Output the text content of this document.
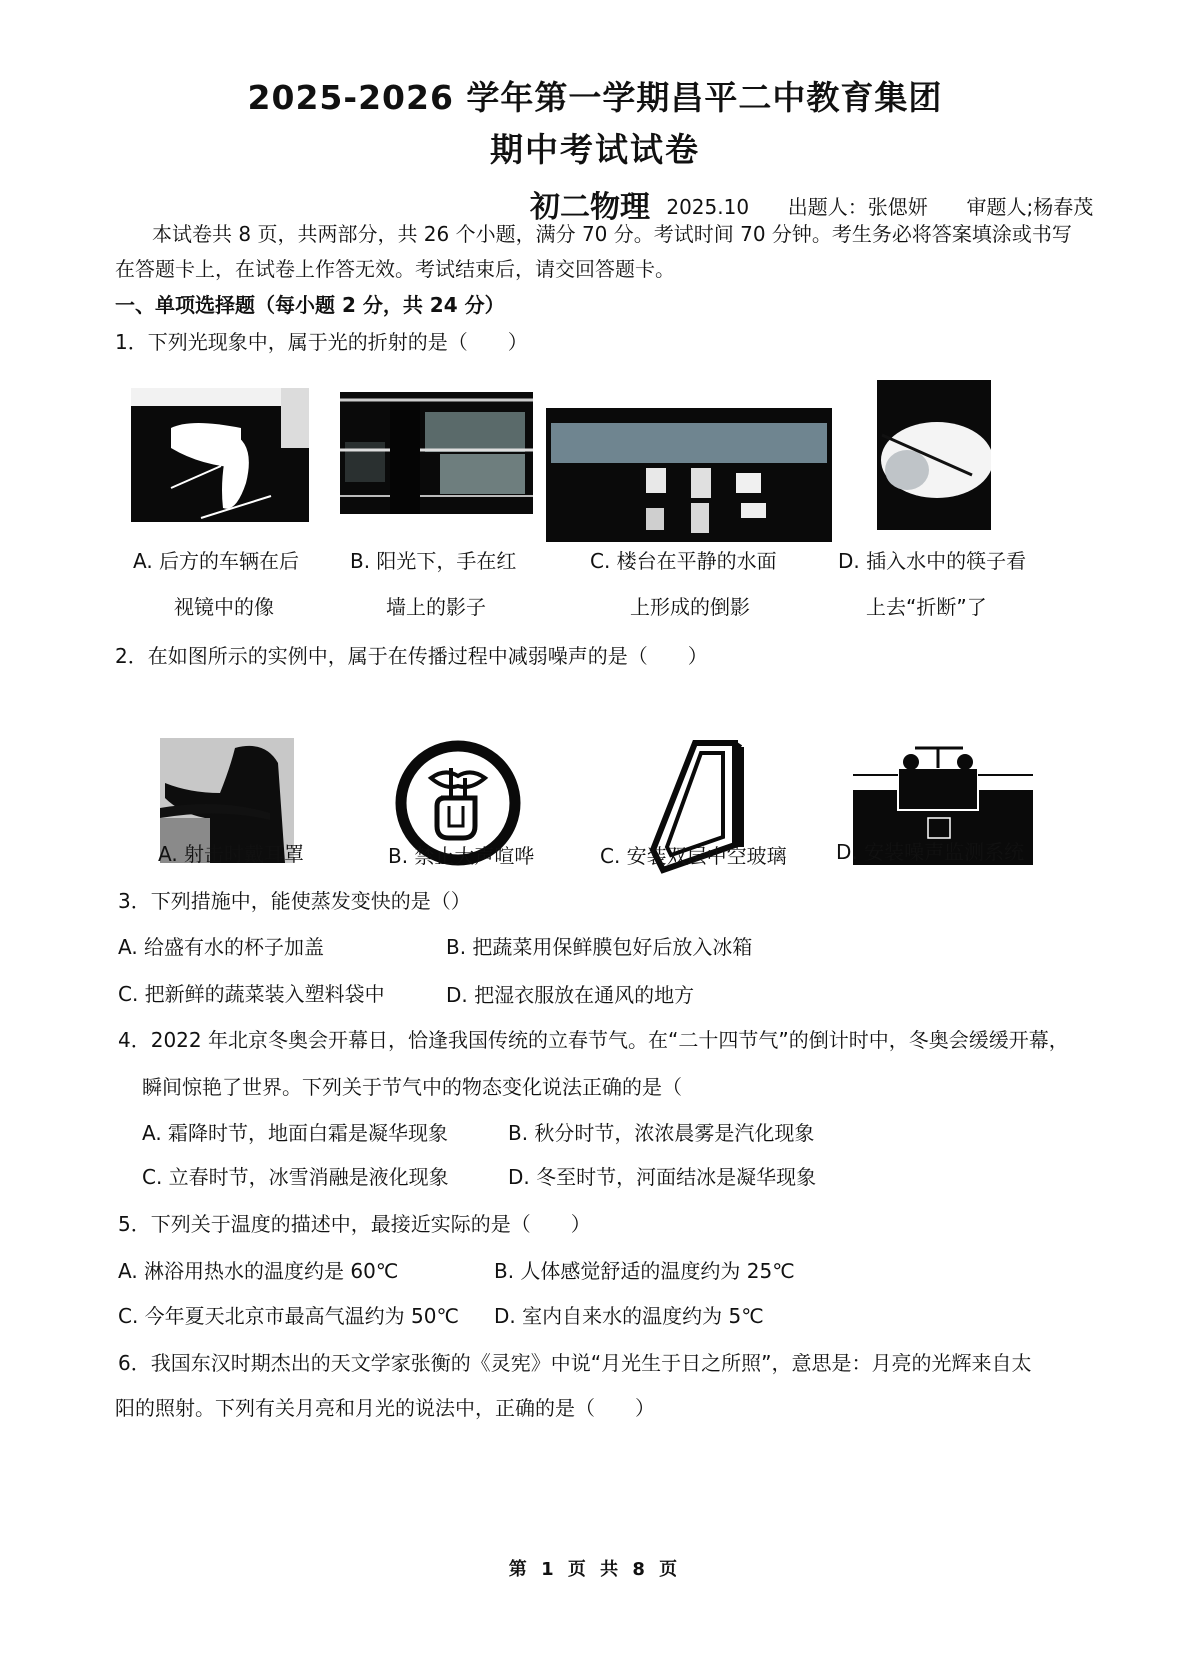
2025-2026 学年第一学期昌平二中教育集团
期中考试试卷
初二物理 2025.10 出题人：张偲妍 审题人;杨春茂
本试卷共 8 页，共两部分，共 26 个小题，满分 70 分。考试时间 70 分钟。考生务必将答案填涂或书写
在答题卡上，在试卷上作答无效。考试结束后，请交回答题卡。
一、单项选择题（每小题 2 分，共 24 分）
1．下列光现象中，属于光的折射的是（　　）
A. 后方的车辆在后
视镜中的像
B. 阳光下，手在红
墙上的影子
C. 楼台在平静的水面
上形成的倒影
D. 插入水中的筷子看
上去“折断”了
2．在如图所示的实例中，属于在传播过程中减弱噪声的是（　　）
A. 射击时戴耳罩	B. 禁止大声喧哗	C. 安装双层中空玻璃 D. 安装噪声监测系统
3．下列措施中，能使蒸发变快的是（）
A. 给盛有水的杯子加盖	B. 把蔬菜用保鲜膜包好后放入冰箱
C. 把新鲜的蔬菜装入塑料袋中	D. 把湿衣服放在通风的地方
4．2022 年北京冬奥会开幕日，恰逢我国传统的立春节气。在“二十四节气”的倒计时中，冬奥会缓缓开幕，
瞬间惊艳了世界。下列关于节气中的物态变化说法正确的是（
A. 霜降时节，地面白霜是凝华现象	B. 秋分时节，浓浓晨雾是汽化现象
C. 立春时节，冰雪消融是液化现象	D. 冬至时节，河面结冰是凝华现象
5．下列关于温度的描述中，最接近实际的是（　　）
A. 淋浴用热水的温度约是 60℃	B. 人体感觉舒适的温度约为 25℃
C. 今年夏天北京市最高气温约为 50℃ D. 室内自来水的温度约为 5℃
6．我国东汉时期杰出的天文学家张衡的《灵宪》中说“月光生于日之所照”，意思是：月亮的光辉来自太
阳的照射。下列有关月亮和月光的说法中，正确的是（　　）
第 1 页 共 8 页
